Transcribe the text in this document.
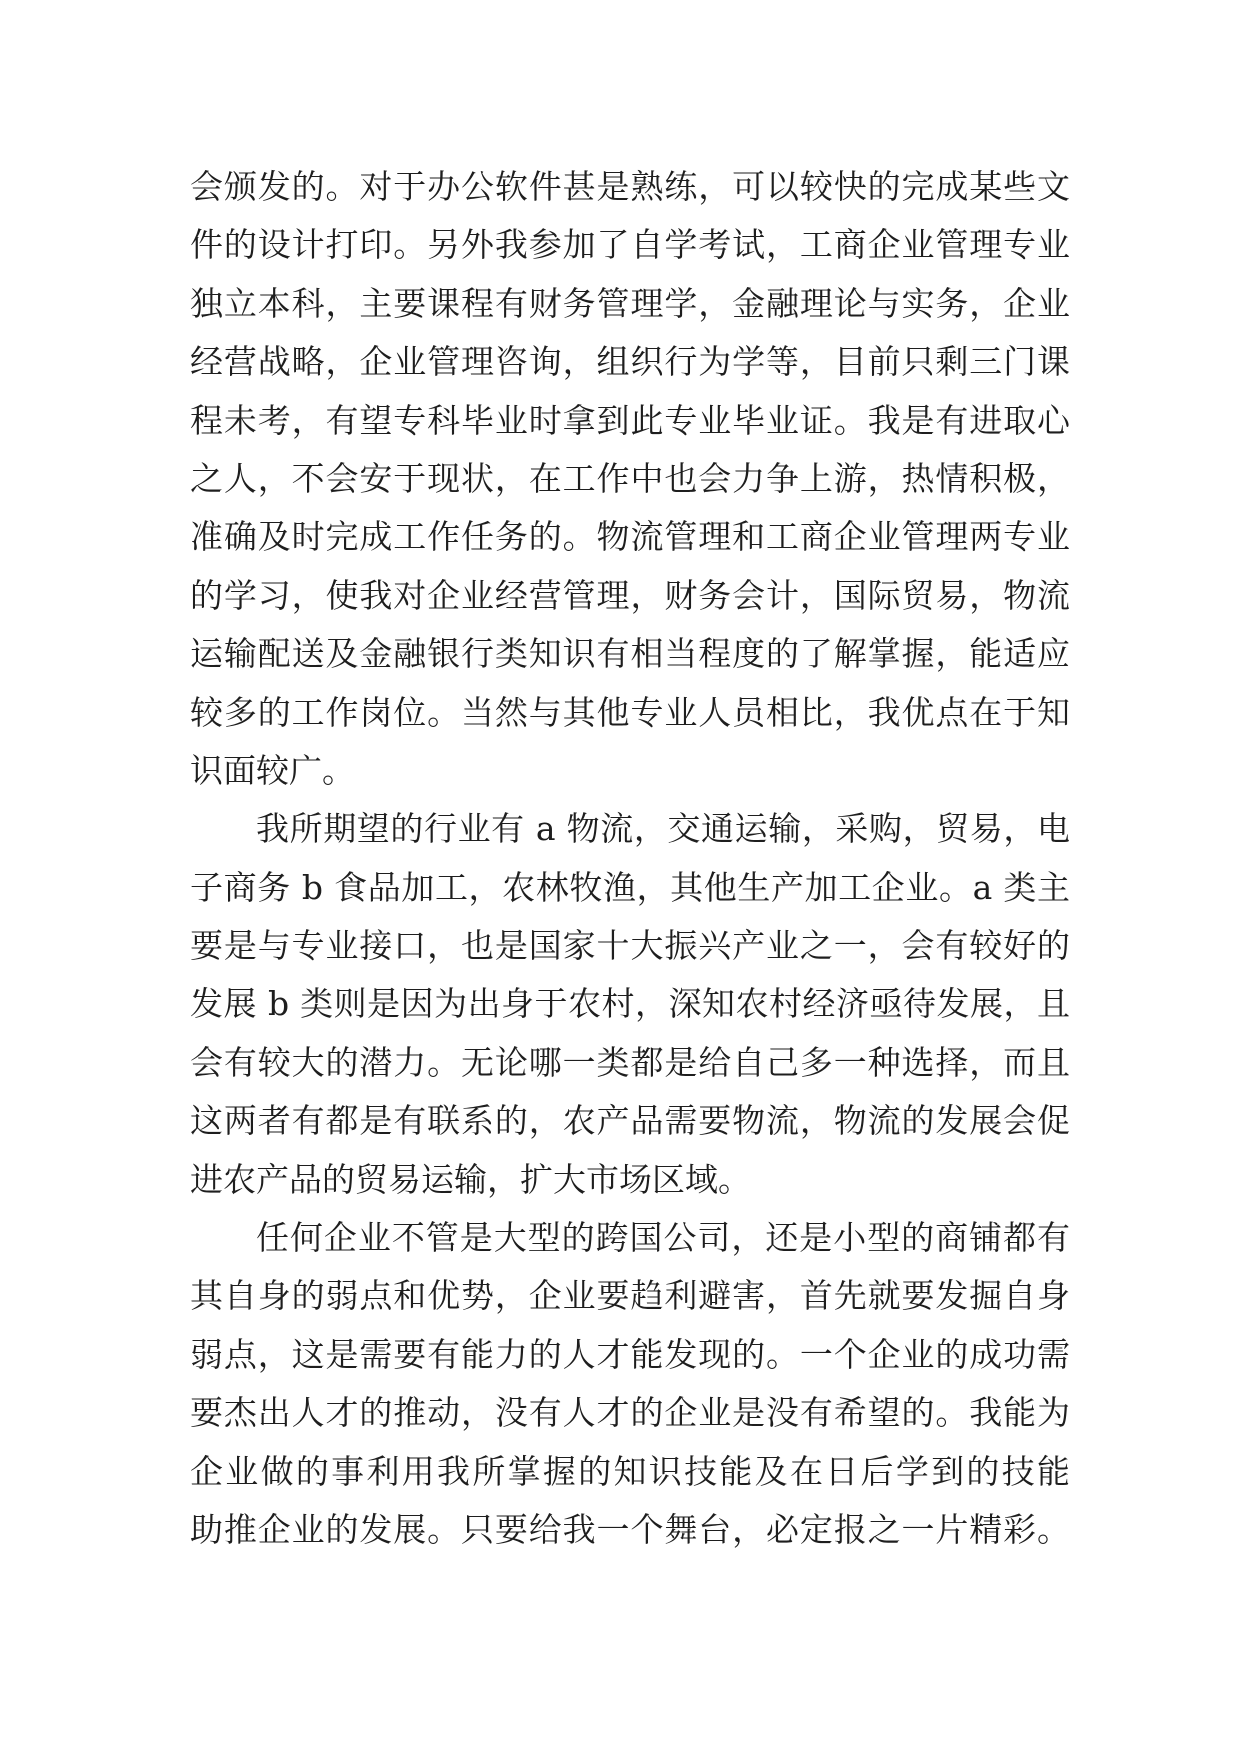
会颁发的。对于办公软件甚是熟练，可以较快的完成某些文
件的设计打印。另外我参加了自学考试，工商企业管理专业
独立本科，主要课程有财务管理学，金融理论与实务，企业
经营战略，企业管理咨询，组织行为学等，目前只剩三门课
程未考，有望专科毕业时拿到此专业毕业证。我是有进取心
之人，不会安于现状，在工作中也会力争上游，热情积极，
准确及时完成工作任务的。物流管理和工商企业管理两专业
的学习，使我对企业经营管理，财务会计，国际贸易，物流
运输配送及金融银行类知识有相当程度的了解掌握，能适应
较多的工作岗位。当然与其他专业人员相比，我优点在于知
识面较广。
我所期望的行业有 a 物流，交通运输，采购，贸易，电
子商务 b 食品加工，农林牧渔，其他生产加工企业。a 类主
要是与专业接口，也是国家十大振兴产业之一，会有较好的
发展 b 类则是因为出身于农村，深知农村经济亟待发展，且
会有较大的潜力。无论哪一类都是给自己多一种选择，而且
这两者有都是有联系的，农产品需要物流，物流的发展会促
进农产品的贸易运输，扩大市场区域。
任何企业不管是大型的跨国公司，还是小型的商铺都有
其自身的弱点和优势，企业要趋利避害，首先就要发掘自身
弱点，这是需要有能力的人才能发现的。一个企业的成功需
要杰出人才的推动，没有人才的企业是没有希望的。我能为
企业做的事利用我所掌握的知识技能及在日后学到的技能
助推企业的发展。只要给我一个舞台，必定报之一片精彩。
